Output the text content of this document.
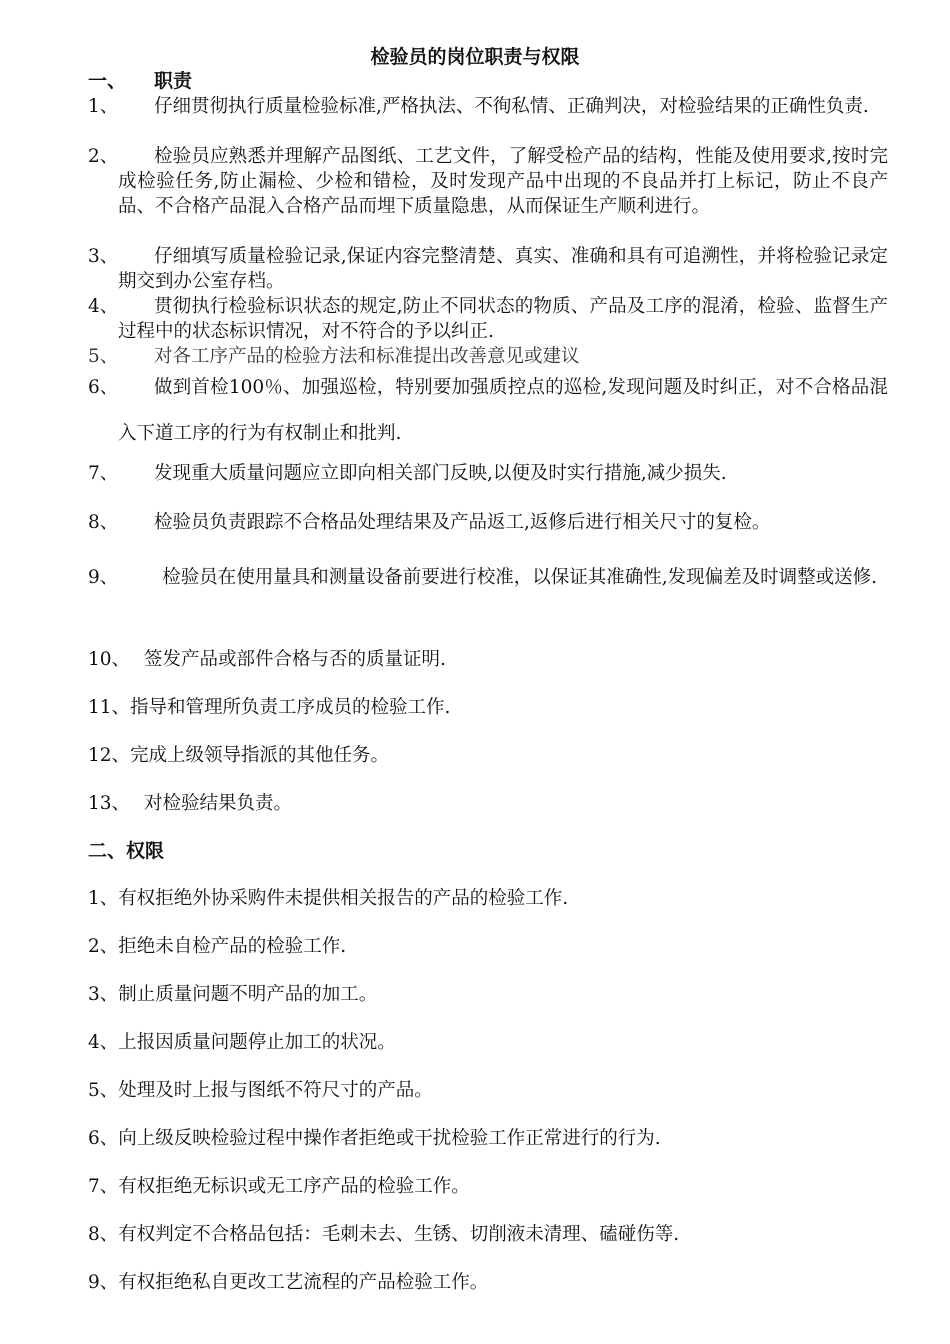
检验员的岗位职责与权限
一、 职责
1、	仔细贯彻执行质量检验标准,严格执法、不徇私情、正确判决，对检验结果的正确性负责.
2、	检验员应熟悉并理解产品图纸、工艺文件，了解受检产品的结构，性能及使用要求,按时完成检验任务,防止漏检、少检和错检，及时发现产品中出现的不良品并打上标记，防止不良产品、不合格产品混入合格产品而埋下质量隐患，从而保证生产顺利进行。
3、	仔细填写质量检验记录,保证内容完整清楚、真实、准确和具有可追溯性，并将检验记录定期交到办公室存档。
4、	贯彻执行检验标识状态的规定,防止不同状态的物质、产品及工序的混淆，检验、监督生产过程中的状态标识情况，对不符合的予以纠正.
5、	对各工序产品的检验方法和标准提出改善意见或建议
6、	做到首检100％、加强巡检，特别要加强质控点的巡检,发现问题及时纠正，对不合格品混入下道工序的行为有权制止和批判.
7、	发现重大质量问题应立即向相关部门反映,以便及时实行措施,减少损失.
8、	检验员负责跟踪不合格品处理结果及产品返工,返修后进行相关尺寸的复检。
9、 检验员在使用量具和测量设备前要进行校准，以保证其准确性,发现偏差及时调整或送修.
10、 签发产品或部件合格与否的质量证明.
11、指导和管理所负责工序成员的检验工作.
12、完成上级领导指派的其他任务。
13、 对检验结果负责。
二、权限
1、有权拒绝外协采购件未提供相关报告的产品的检验工作.
2、拒绝未自检产品的检验工作.
3、制止质量问题不明产品的加工。
4、上报因质量问题停止加工的状况。
5、处理及时上报与图纸不符尺寸的产品。
6、向上级反映检验过程中操作者拒绝或干扰检验工作正常进行的行为.
7、有权拒绝无标识或无工序产品的检验工作。
8、有权判定不合格品包括：毛刺未去、生锈、切削液未清理、磕碰伤等.
9、有权拒绝私自更改工艺流程的产品检验工作。
